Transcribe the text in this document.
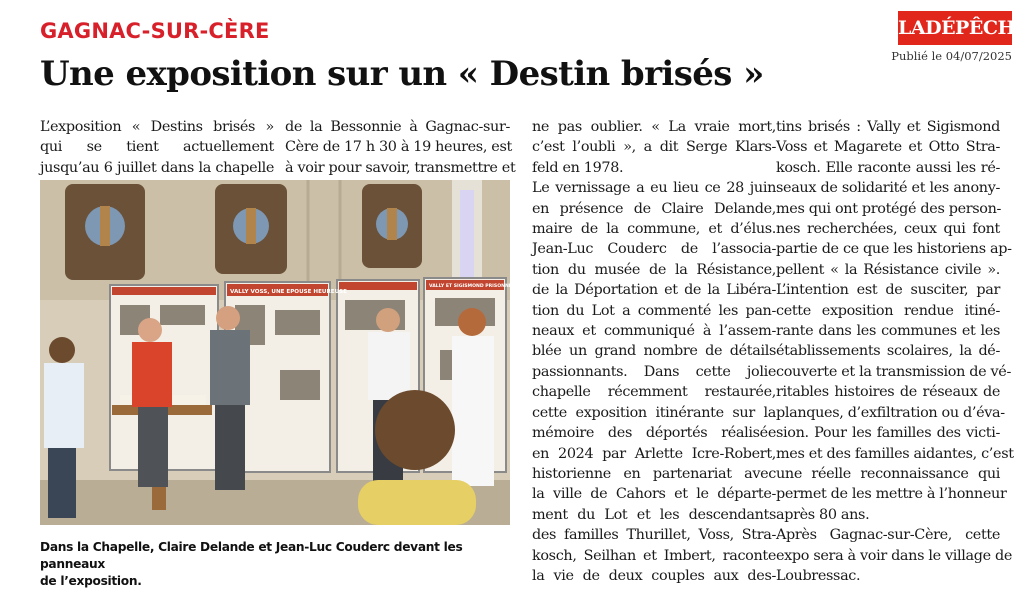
GAGNAC-SUR-CÈRE	LADÉPÊCHE
Publié le 04/07/2025
Une exposition sur un « Destin brisés »
L’exposition « Destins brisés »
qui se tient actuellement
jusqu’au 6 juillet dans la chapelle
de la Bessonnie à Gagnac-sur-
Cère de 17 h 30 à 19 heures, est
à voir pour savoir, transmettre et
ne pas oublier. « La vraie mort,
c’est l’oubli », a dit Serge Klars-
feld en 1978.
Le vernissage a eu lieu ce 28 juin
en présence de Claire Delande,
maire de la commune, et d’élus.
Jean-Luc Couderc de l’associa-
tion du musée de la Résistance,
de la Déportation et de la Libéra-
tion du Lot a commenté les pan-
neaux et communiqué à l’assem-
blée un grand nombre de détails
passionnants. Dans cette jolie
chapelle récemment restaurée,
cette exposition itinérante sur la
mémoire des déportés réalisée
en 2024 par Arlette Icre-Robert,
historienne en partenariat avec
la ville de Cahors et le départe-
ment du Lot et les descendants
des familles Thurillet, Voss, Stra-
kosch, Seilhan et Imbert, raconte
la vie de deux couples aux des-
tins brisés : Vally et Sigismond
Voss et Magarete et Otto Stra-
kosch. Elle raconte aussi les ré-
seaux de solidarité et les anony-
mes qui ont protégé des person-
nes recherchées, ceux qui font
partie de ce que les historiens ap-
pellent « la Résistance civile ».
L’intention est de susciter, par
cette exposition rendue itiné-
rante dans les communes et les
établissements scolaires, la dé-
couverte et la transmission de vé-
ritables histoires de réseaux de
planques, d’exfiltration ou d’éva-
sion. Pour les familles des victi-
mes et des familles aidantes, c’est
une réelle reconnaissance qui
permet de les mettre à l’honneur
après 80 ans.
Après Gagnac-sur-Cère, cette
expo sera à voir dans le village de
Loubressac.
VALLY VOSS, UNE EPOUSE HEUREUSE
VALLY ET SIGISMOND PRISONNIERS À LA GAGNAC
Dans la Chapelle, Claire Delande et Jean-Luc Couderc devant les panneaux
de l’exposition.
